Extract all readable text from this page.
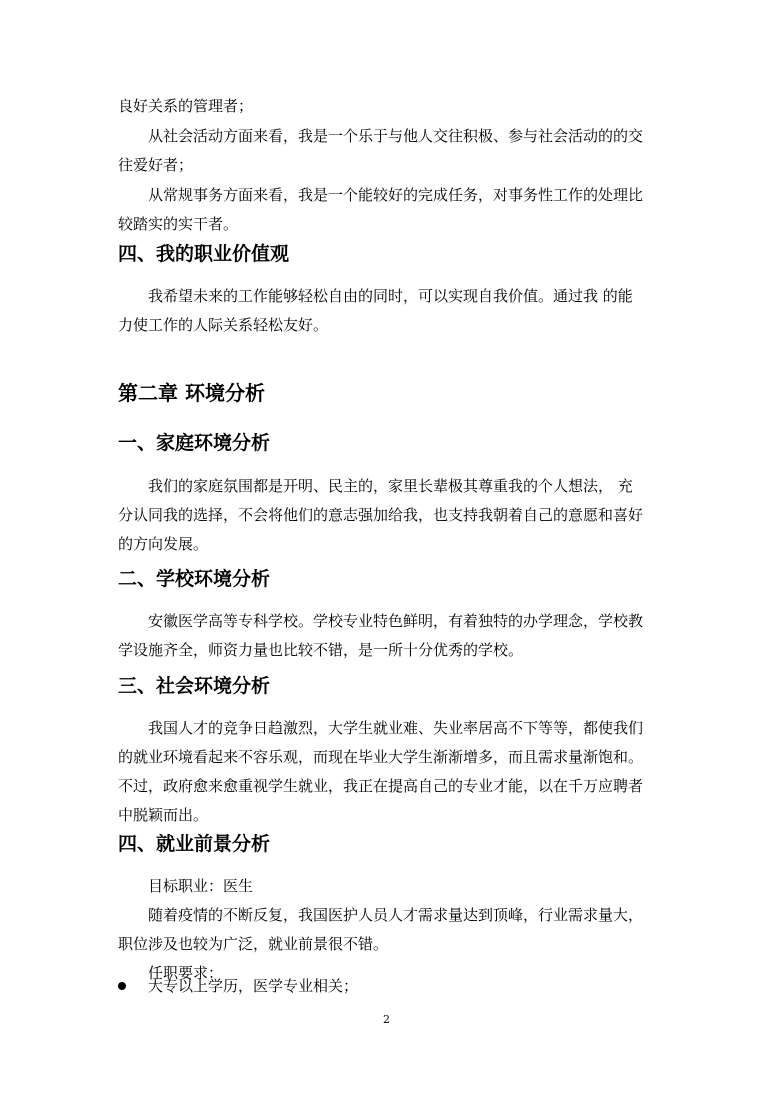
良好关系的管理者；
从社会活动方面来看，我是一个乐于与他人交往积极、参与社会活动的的交
往爱好者；
从常规事务方面来看，我是一个能较好的完成任务，对事务性工作的处理比
较踏实的实干者。
四、我的职业价值观
我希望未来的工作能够轻松自由的同时，可以实现自我价值。通过我 的能
力使工作的人际关系轻松友好。
第二章 环境分析
一、家庭环境分析
我们的家庭氛围都是开明、民主的，家里长辈极其尊重我的个人想法， 充
分认同我的选择，不会将他们的意志强加给我，也支持我朝着自己的意愿和喜好
的方向发展。
二、学校环境分析
安徽医学高等专科学校。学校专业特色鲜明，有着独特的办学理念，学校教
学设施齐全，师资力量也比较不错，是一所十分优秀的学校。
三、社会环境分析
我国人才的竞争日趋激烈，大学生就业难、失业率居高不下等等，都使我们
的就业环境看起来不容乐观，而现在毕业大学生渐渐增多，而且需求量渐饱和。
不过，政府愈来愈重视学生就业，我正在提高自己的专业才能，以在千万应聘者
中脱颖而出。
四、就业前景分析
目标职业：医生
随着疫情的不断反复，我国医护人员人才需求量达到顶峰，行业需求量大，
职位涉及也较为广泛，就业前景很不错。
任职要求：
大专以上学历，医学专业相关；
2
